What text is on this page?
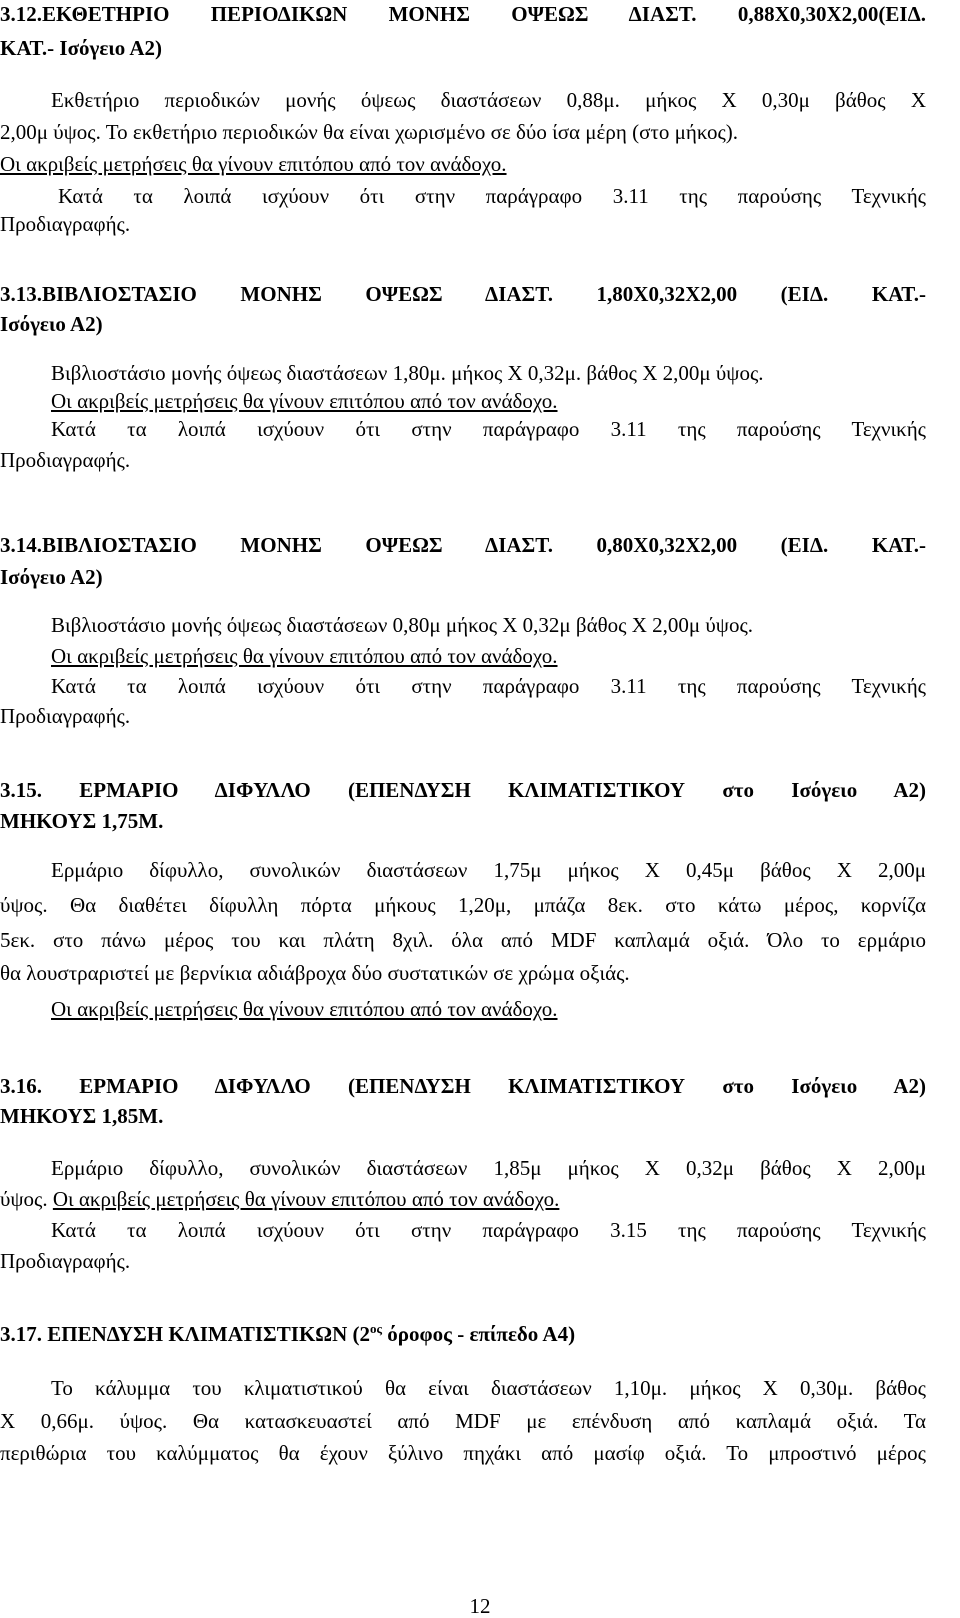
3.12.ΕΚΘΕΤΗΡΙΟ ΠΕΡΙΟΔΙΚΩΝ ΜΟΝΗΣ ΟΨΕΩΣ ΔΙΑΣΤ. 0,88Χ0,30Χ2,00(ΕΙΔ.
ΚΑΤ.- Ισόγειο Α2)
Εκθετήριο περιοδικών μονής όψεως διαστάσεων 0,88μ. μήκος Χ 0,30μ βάθος Χ
2,00μ ύψος. Το εκθετήριο περιοδικών θα είναι χωρισμένο σε δύο ίσα μέρη (στο μήκος).
Οι ακριβείς μετρήσεις θα γίνουν επιτόπου από τον ανάδοχο.
Κατά τα λοιπά ισχύουν ότι στην παράγραφο 3.11 της παρούσης Τεχνικής
Προδιαγραφής.
3.13.ΒΙΒΛΙΟΣΤΑΣΙΟ ΜΟΝΗΣ ΟΨΕΩΣ ΔΙΑΣΤ. 1,80Χ0,32Χ2,00 (ΕΙΔ. ΚΑΤ.-
Ισόγειο Α2)
Βιβλιοστάσιο μονής όψεως διαστάσεων 1,80μ. μήκος Χ 0,32μ. βάθος Χ 2,00μ ύψος.
Οι ακριβείς μετρήσεις θα γίνουν επιτόπου από τον ανάδοχο.
Κατά τα λοιπά ισχύουν ότι στην παράγραφο 3.11 της παρούσης Τεχνικής
Προδιαγραφής.
3.14.ΒΙΒΛΙΟΣΤΑΣΙΟ ΜΟΝΗΣ ΟΨΕΩΣ ΔΙΑΣΤ. 0,80Χ0,32Χ2,00 (ΕΙΔ. ΚΑΤ.-
Ισόγειο Α2)
Βιβλιοστάσιο μονής όψεως διαστάσεων 0,80μ μήκος Χ 0,32μ βάθος Χ 2,00μ ύψος.
Οι ακριβείς μετρήσεις θα γίνουν επιτόπου από τον ανάδοχο.
Κατά τα λοιπά ισχύουν ότι στην παράγραφο 3.11 της παρούσης Τεχνικής
Προδιαγραφής.
3.15. ΕΡΜΑΡΙΟ ΔΙΦΥΛΛΟ (ΕΠΕΝΔΥΣΗ ΚΛΙΜΑΤΙΣΤΙΚΟΥ στο Ισόγειο Α2)
ΜΗΚΟΥΣ 1,75Μ.
Ερμάριο δίφυλλο, συνολικών διαστάσεων 1,75μ μήκος Χ 0,45μ βάθος Χ 2,00μ
ύψος. Θα διαθέτει δίφυλλη πόρτα μήκους 1,20μ, μπάζα 8εκ. στο κάτω μέρος, κορνίζα
5εκ. στο πάνω μέρος του και πλάτη 8χιλ. όλα από MDF καπλαμά οξιά. Όλο το ερμάριο
θα λουστραριστεί με βερνίκια αδιάβροχα δύο συστατικών σε χρώμα οξιάς.
Οι ακριβείς μετρήσεις θα γίνουν επιτόπου από τον ανάδοχο.
3.16. ΕΡΜΑΡΙΟ ΔΙΦΥΛΛΟ (ΕΠΕΝΔΥΣΗ ΚΛΙΜΑΤΙΣΤΙΚΟΥ στο Ισόγειο Α2)
ΜΗΚΟΥΣ 1,85Μ.
Ερμάριο δίφυλλο, συνολικών διαστάσεων 1,85μ μήκος Χ 0,32μ βάθος Χ 2,00μ
ύψος. Οι ακριβείς μετρήσεις θα γίνουν επιτόπου από τον ανάδοχο.
Κατά τα λοιπά ισχύουν ότι στην παράγραφο 3.15 της παρούσης Τεχνικής
Προδιαγραφής.
3.17. ΕΠΕΝΔΥΣΗ ΚΛΙΜΑΤΙΣΤΙΚΩΝ ($2^{o\varsigma}$ όροφος - επίπεδο Α4)
Το κάλυμμα του κλιματιστικού θα είναι διαστάσεων 1,10μ. μήκος Χ 0,30μ. βάθος
Χ 0,66μ. ύψος. Θα κατασκευαστεί από MDF με επένδυση από καπλαμά οξιά. Τα
περιθώρια του καλύμματος θα έχουν ξύλινο πηχάκι από μασίφ οξιά. Το μπροστινό μέρος
12
